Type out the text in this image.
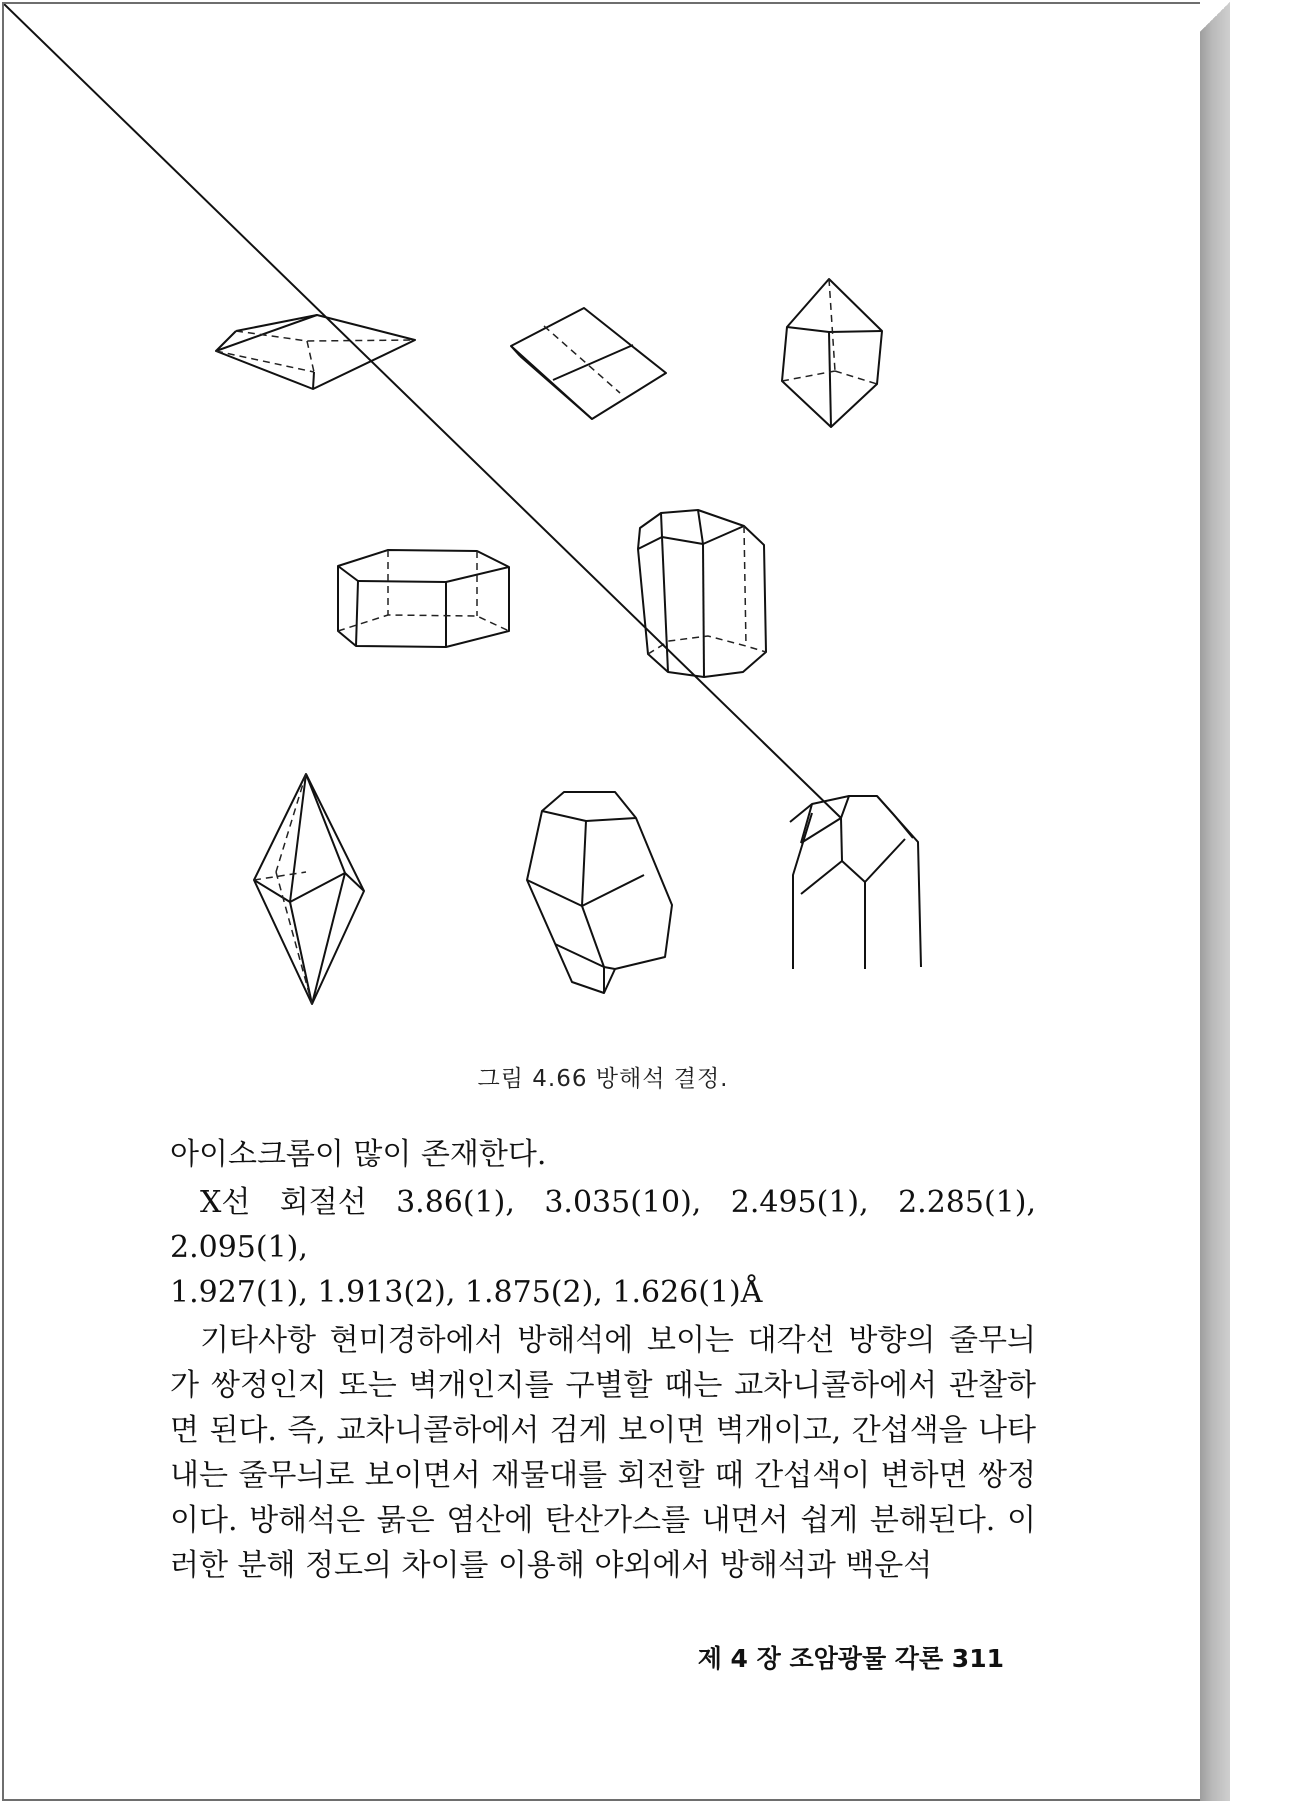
그림 4.66 방해석 결정.

아이소크롬이 많이 존재한다.

X선 회절선 3.86(1), 3.035(10), 2.495(1), 2.285(1), 2.095(1),

1.927(1), 1.913(2), 1.875(2), 1.626(1)Å

기타사항 현미경하에서 방해석에 보이는 대각선 방향의 줄무늬가 쌍정인지 또는 벽개인지를 구별할 때는 교차니콜하에서 관찰하면 된다. 즉, 교차니콜하에서 검게 보이면 벽개이고, 간섭색을 나타내는 줄무늬로 보이면서 재물대를 회전할 때 간섭색이 변하면 쌍정이다. 방해석은 묽은 염산에 탄산가스를 내면서 쉽게 분해된다. 이러한 분해 정도의 차이를 이용해 야외에서 방해석과 백운석

제 4 장 조암광물 각론 311
